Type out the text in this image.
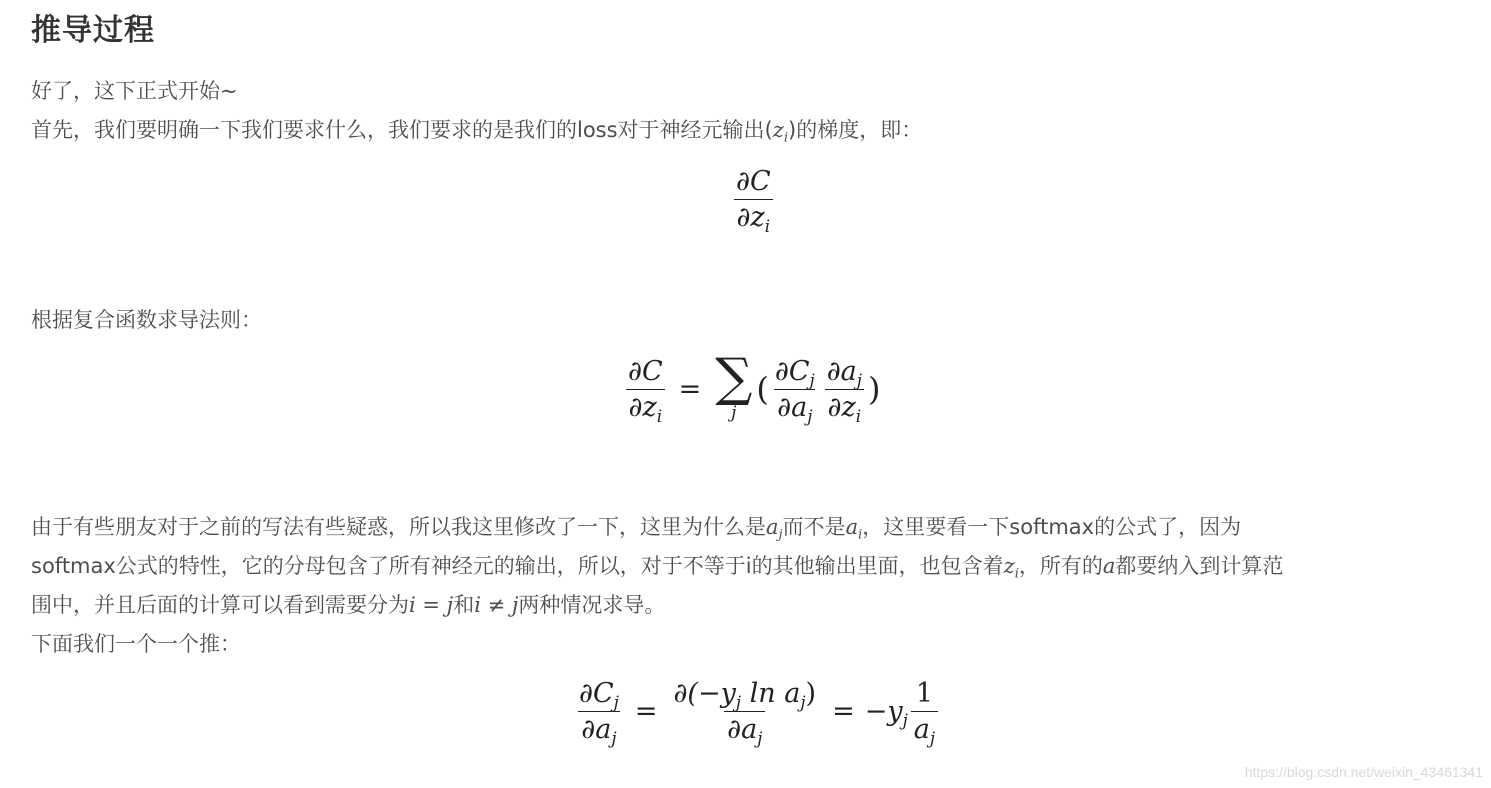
推导过程
好了，这下正式开始~
首先，我们要明确一下我们要求什么，我们要求的是我们的loss对于神经元输出$(z_i)$的梯度，即：
$\frac{\partial C}{\partial z_i}$
根据复合函数求导法则：
$\frac{\partial C}{\partial z_i}$ = ∑
j
( $\frac{\partial C_j}{\partial a_j} \frac{\partial a_j}{\partial z_i}$ )
由于有些朋友对于之前的写法有些疑惑，所以我这里修改了一下，这里为什么是$a_j$而不是$a_i$，这里要看一下softmax的公式了，因为
softmax公式的特性，它的分母包含了所有神经元的输出，所以，对于不等于i的其他输出里面，也包含着$z_i$，所有的a都要纳入到计算范
围中，并且后面的计算可以看到需要分为i = j和i ≠ j两种情况求导。
下面我们一个一个推：
$\frac{\partial C_j}{\partial a_j} = \frac{\partial(-y_j \ln a_j)}{\partial a_j} = -y_j \frac{1}{a_j}$
https://blog.csdn.net/weixin_43461341
